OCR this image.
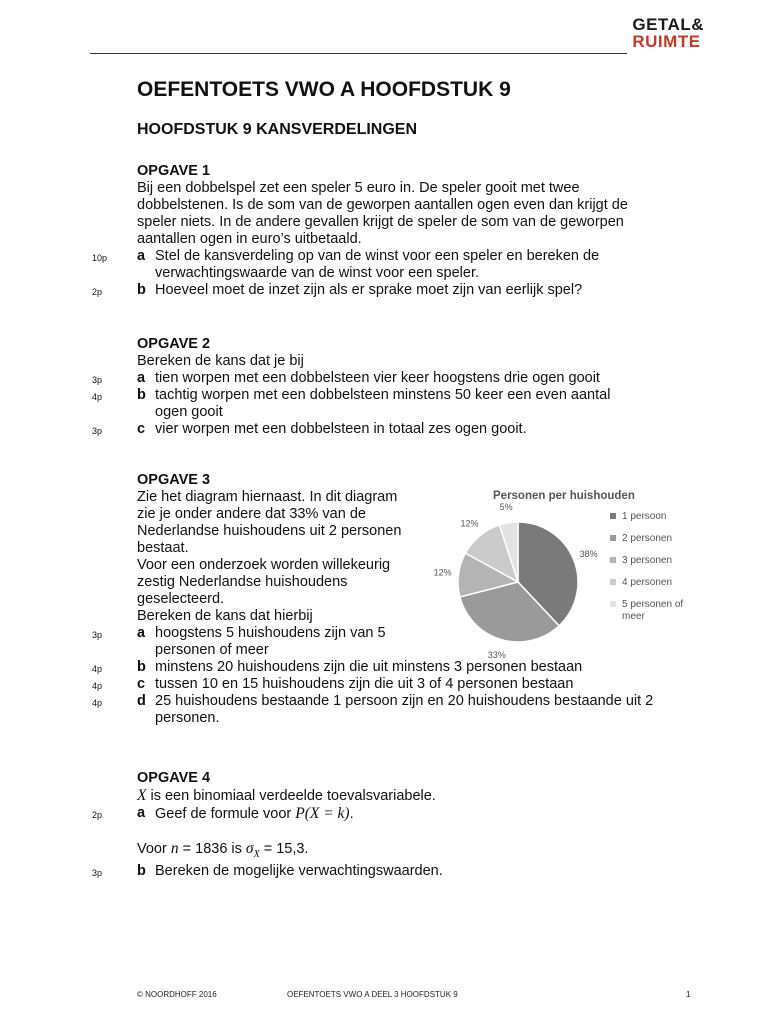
GETAL&
RUIMTE
OEFENTOETS VWO A HOOFDSTUK 9
HOOFDSTUK 9 KANSVERDELINGEN
OPGAVE 1
Bij een dobbelspel zet een speler 5 euro in. De speler gooit met twee dobbelstenen. Is de som van de geworpen aantallen ogen even dan krijgt de speler niets. In de andere gevallen krijgt de speler de som van de geworpen aantallen ogen in euro’s uitbetaald.
10p	a Stel de kansverdeling op van de winst voor een speler en bereken de verwachtingswaarde van de winst voor een speler.
2p	b Hoeveel moet de inzet zijn als er sprake moet zijn van eerlijk spel?
OPGAVE 2
Bereken de kans dat je bij
3p	a tien worpen met een dobbelsteen vier keer hoogstens drie ogen gooit
4p	b tachtig worpen met een dobbelsteen minstens 50 keer een even aantal ogen gooit
3p	c vier worpen met een dobbelsteen in totaal zes ogen gooit.
OPGAVE 3
Zie het diagram hiernaast. In dit diagram zie je onder andere dat 33% van de Nederlandse huishoudens uit 2 personen bestaat.
Voor een onderzoek worden willekeurig zestig Nederlandse huishoudens geselecteerd.
Bereken de kans dat hierbij
3p	a hoogstens 5 huishoudens zijn van 5 personen of meer
4p	b minstens 20 huishoudens zijn die uit minstens 3 personen bestaan
4p	c tussen 10 en 15 huishoudens zijn die uit 3 of 4 personen bestaan
4p	d 25 huishoudens bestaande 1 persoon zijn en 20 huishoudens bestaande uit 2 personen.
Personen per huishouden
38%
33%
12%
12%
5%
1 persoon
2 personen
3 personen
4 personen
5 personen of meer
OPGAVE 4
X is een binomiaal verdeelde toevalsvariabele.
2p	a Geef de formule voor P(X = k).
Voor n = 1836 is $\sigma_X = 15,3$.
3p	b Bereken de mogelijke verwachtingswaarden.
© NOORDHOFF 2016	OEFENTOETS VWO A DEEL 3 HOOFDSTUK 9	1
